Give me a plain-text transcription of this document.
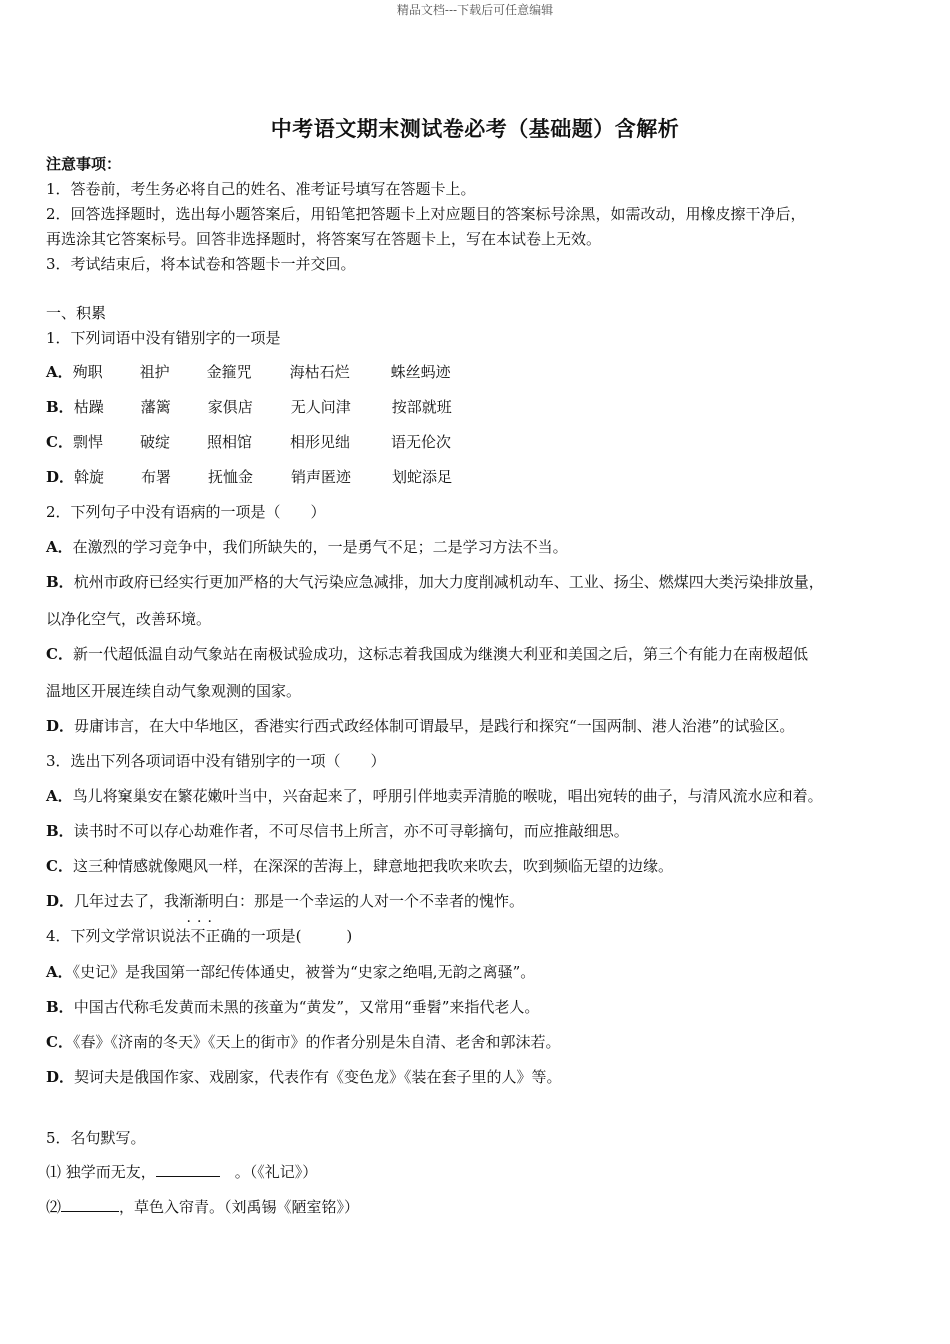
精品文档---下载后可任意编辑
中考语文期末测试卷必考（基础题）含解析
注意事项：
1．答卷前，考生务必将自己的姓名、准考证号填写在答题卡上。
2．回答选择题时，选出每小题答案后，用铅笔把答题卡上对应题目的答案标号涂黑，如需改动，用橡皮擦干净后，
再选涂其它答案标号。回答非选择题时，将答案写在答题卡上，写在本试卷上无效。
3．考试结束后，将本试卷和答题卡一并交回。
一、积累
1．下列词语中没有错别字的一项是
A．殉职 祖护 金箍咒	海枯石烂	蛛丝蚂迹
B．枯躁 藩篱 家俱店	无人问津	按部就班
C．剽悍 破绽 照相馆	相形见绌	语无伦次
D．斡旋 布署 抚恤金	销声匿迹	划蛇添足
2．下列句子中没有语病的一项是（　　）
A．在激烈的学习竞争中，我们所缺失的，一是勇气不足；二是学习方法不当。
B．杭州市政府已经实行更加严格的大气污染应急减排，加大力度削减机动车、工业、扬尘、燃煤四大类污染排放量，
以净化空气，改善环境。
C．新一代超低温自动气象站在南极试验成功，这标志着我国成为继澳大利亚和美国之后，第三个有能力在南极超低
温地区开展连续自动气象观测的国家。
D．毋庸讳言，在大中华地区，香港实行西式政经体制可谓最早，是践行和探究“一国两制、港人治港”的试验区。
3．选出下列各项词语中没有错别字的一项（　　）
A．鸟儿将窠巢安在繁花嫩叶当中，兴奋起来了，呼朋引伴地卖弄清脆的喉咙，唱出宛转的曲子，与清风流水应和着。
B．读书时不可以存心劫难作者，不可尽信书上所言，亦不可寻彰摘句，而应推敲细思。
C．这三种情感就像飓风一样，在深深的苦海上，肆意地把我吹来吹去，吹到频临无望的边缘。
D．几年过去了，我渐渐明白：那是一个幸运的人对一个不幸者的愧怍。
4．下列文学常识说法
···
不正确的一项是(　　　)
A．《史记》是我国第一部纪传体通史，被誉为“史家之绝唱,无韵之离骚”。
B．中国古代称毛发黄而未黑的孩童为“黄发”，又常用“垂髫”来指代老人。
C．《春》《济南的冬天》《天上的街市》的作者分别是朱自清、老舍和郭沫若。
D．契诃夫是俄国作家、戏剧家，代表作有《变色龙》《装在套子里的人》等。
5．名句默写。
⑴ 独学而无友，	　。（《礼记》）
⑵	，草色入帘青。（刘禹锡《陋室铭》）
